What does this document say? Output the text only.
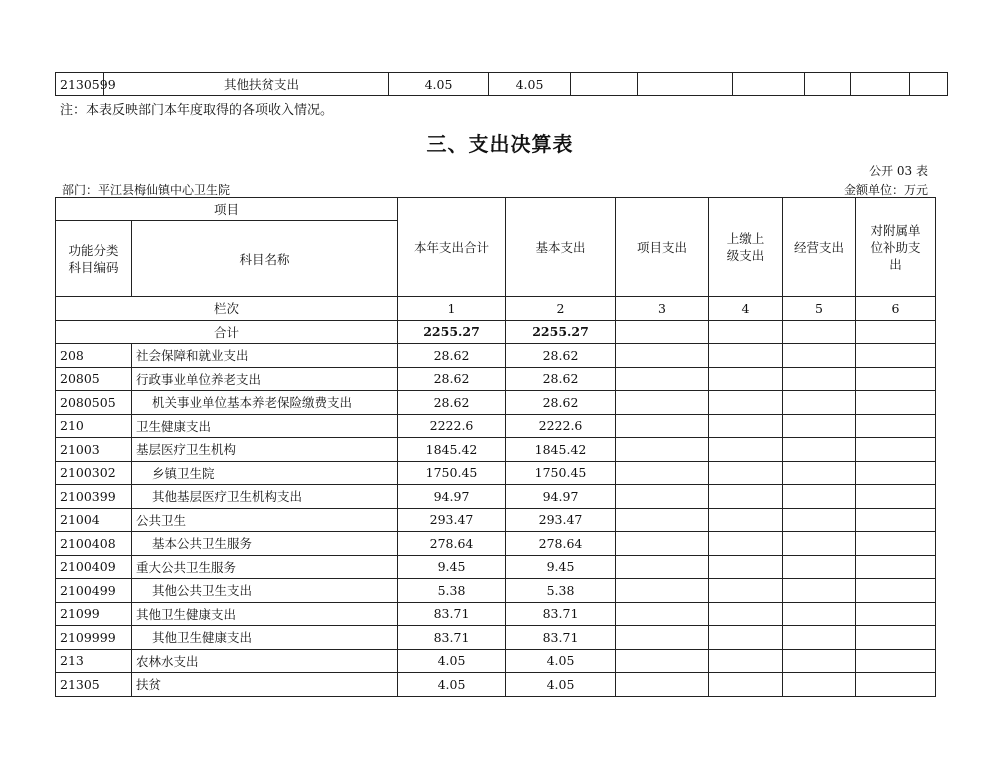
2130599	其他扶贫支出	4.05	4.05						
注：本表反映部门本年度取得的各项收入情况。
三、支出决算表
公开 03 表
部门：平江县梅仙镇中心卫生院	金额单位：万元
项目		本年支出合计	基本支出	项目支出	上缴上级支出	经营支出	对附属单位补助支出
功能分类科目编码	科目名称						
栏次		1	2	3	4	5	6
合计		2255.27	2255.27				
208	社会保障和就业支出	28.62	28.62				
20805	行政事业单位养老支出	28.62	28.62				
2080505	机关事业单位基本养老保险缴费支出	28.62	28.62				
210	卫生健康支出	2222.6	2222.6				
21003	基层医疗卫生机构	1845.42	1845.42				
2100302	乡镇卫生院	1750.45	1750.45				
2100399	其他基层医疗卫生机构支出	94.97	94.97				
21004	公共卫生	293.47	293.47				
2100408	基本公共卫生服务	278.64	278.64				
2100409	重大公共卫生服务	9.45	9.45				
2100499	其他公共卫生支出	5.38	5.38				
21099	其他卫生健康支出	83.71	83.71				
2109999	其他卫生健康支出	83.71	83.71				
213	农林水支出	4.05	4.05				
21305	扶贫	4.05	4.05				
